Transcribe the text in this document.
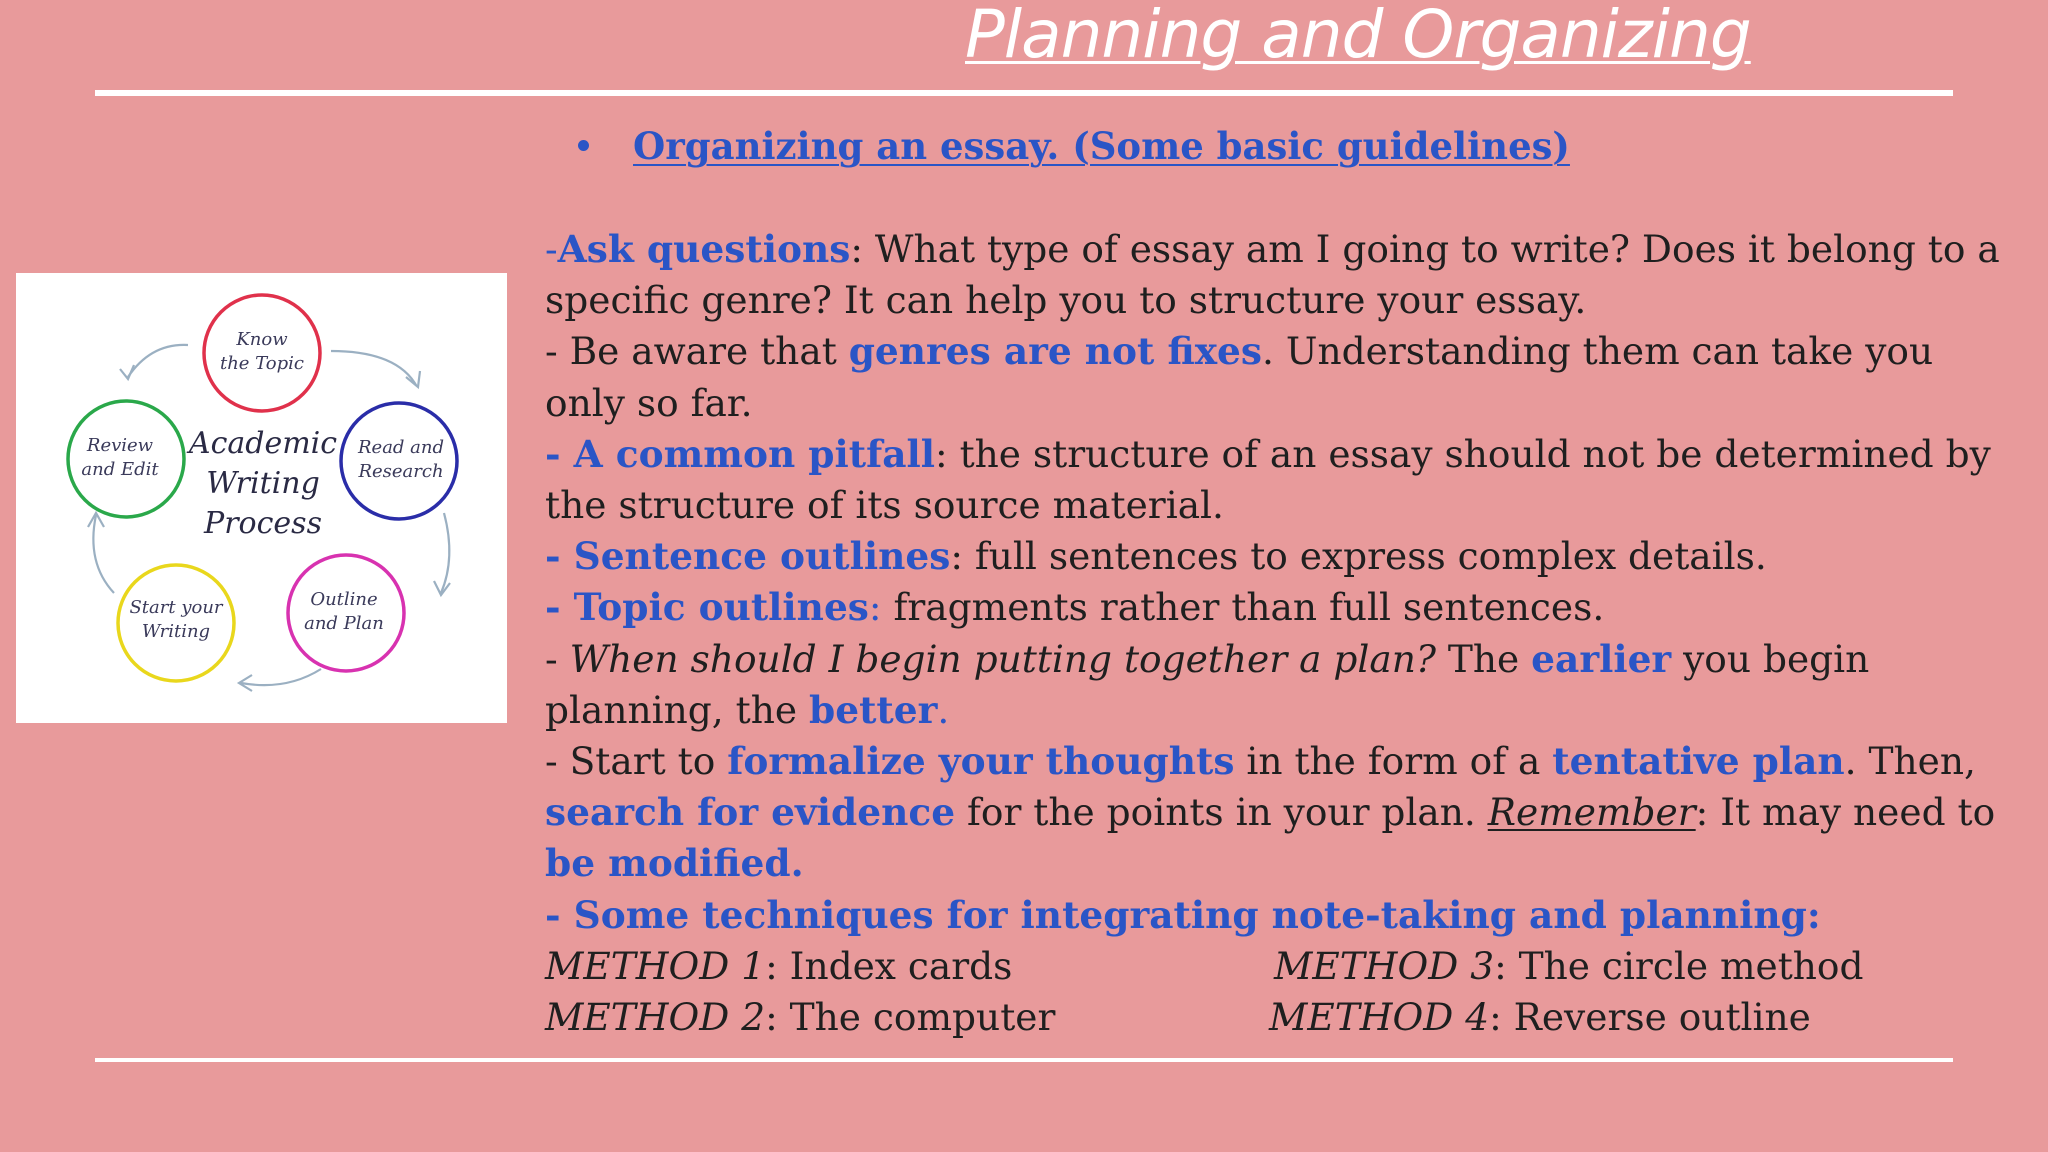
Planning and Organizing
Organizing an essay. (Some basic guidelines)
Know
the Topic
Read and
Research
Outline
and Plan
Start your
Writing
Review
and Edit
Academic
Writing
Process

-Ask questions: What type of essay am I going to write? Does it belong to a specific genre? It can help you to structure your essay.

- Be aware that genres are not fixes. Understanding them can take you only so far.

- A common pitfall: the structure of an essay should not be determined by the structure of its source material.

- Sentence outlines: full sentences to express complex details.

- Topic outlines: fragments rather than full sentences.

- When should I begin putting together a plan? The earlier you begin planning, the better.

- Start to formalize your thoughts in the form of a tentative plan. Then, search for evidence for the points in your plan. Remember: It may need to be modified.

- Some techniques for integrating note-taking and planning:

METHOD 1: Index cards	METHOD 3: The circle method
METHOD 2: The computer	METHOD 4: Reverse outline
